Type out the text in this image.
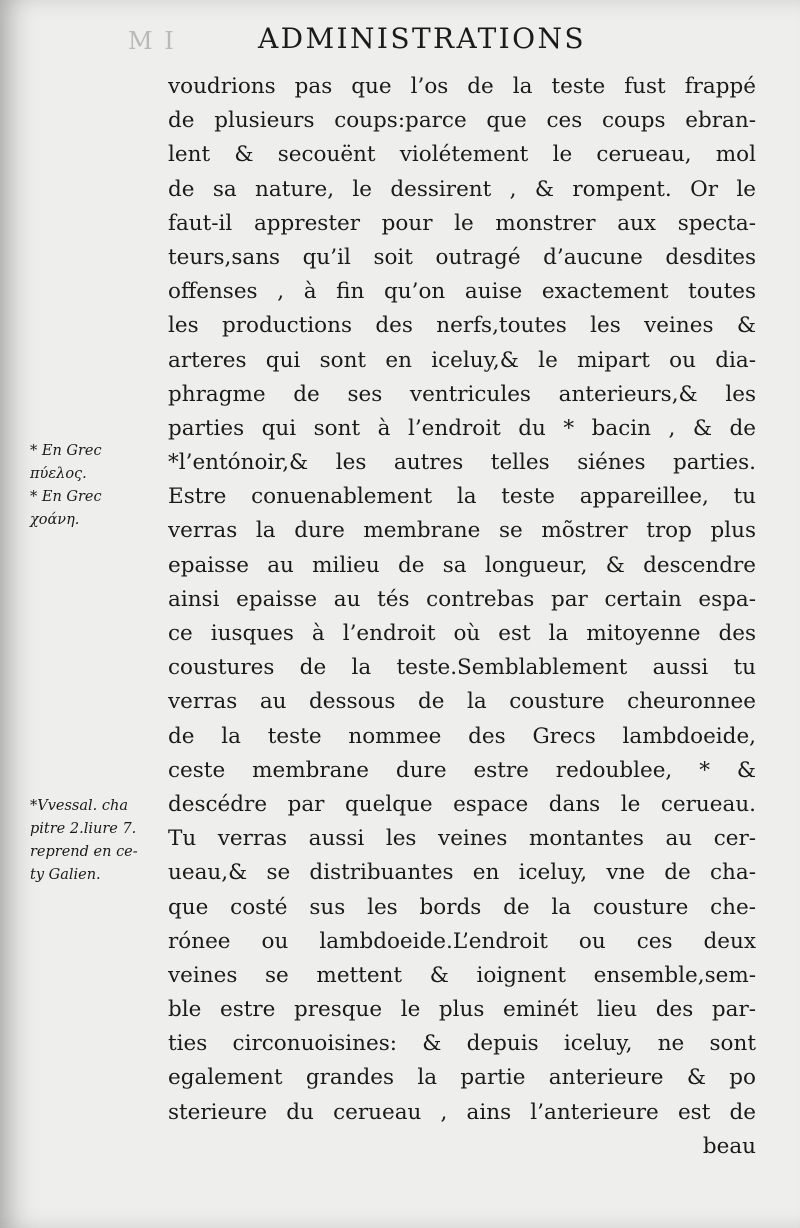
M I	ADMINISTRATIONS
* En Grec
πύελος.
* En Grec
χοάνη.
*Vvessal. cha
pitre 2.liure 7.
reprend en ce-
ty Galien.
voudrions pas que l’os de la teste fust frappé
de plusieurs coups:parce que ces coups ebran-
lent & secouënt violétement le cerueau, mol
de sa nature, le dessirent , & rompent. Or le
faut-il apprester pour le monstrer aux specta-
teurs,sans qu’il soit outragé d’aucune desdites
offenses , à fin qu’on auise exactement toutes
les productions des nerfs,toutes les veines &
arteres qui sont en iceluy,& le mipart ou dia-
phragme de ses ventricules anterieurs,& les
parties qui sont à l’endroit du * bacin , & de
*l’entónoir,& les autres telles siénes parties.
Estre conuenablement la teste appareillee, tu
verras la dure membrane se mõstrer trop plus
epaisse au milieu de sa longueur, & descendre
ainsi epaisse au tés contrebas par certain espa-
ce iusques à l’endroit où est la mitoyenne des
coustures de la teste.Semblablement aussi tu
verras au dessous de la cousture cheuronnee
de la teste nommee des Grecs lambdoeide,
ceste membrane dure estre redoublee, * &
descédre par quelque espace dans le cerueau.
Tu verras aussi les veines montantes au cer-
ueau,& se distribuantes en iceluy, vne de cha-
que costé sus les bords de la cousture che-
rónee ou lambdoeide.L’endroit ou ces deux
veines se mettent & ioignent ensemble,sem-
ble estre presque le plus eminét lieu des par-
ties circonuoisines: & depuis iceluy, ne sont
egalement grandes la partie anterieure & po
sterieure du cerueau , ains l’anterieure est de
beau
